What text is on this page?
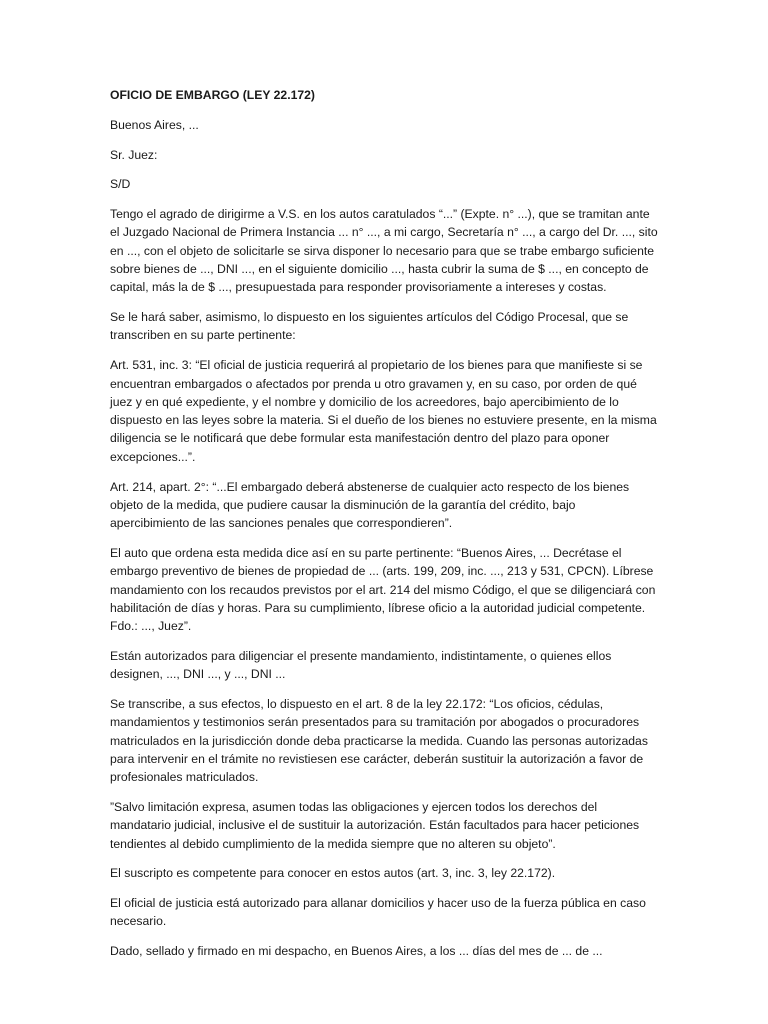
OFICIO DE EMBARGO (LEY 22.172)

Buenos Aires, ...

Sr. Juez:

S/D

Tengo el agrado de dirigirme a V.S. en los autos caratulados “...” (Expte. n° ...), que se tramitan ante el Juzgado Nacional de Primera Instancia ... n° ..., a mi cargo, Secretaría n° ..., a cargo del Dr. ..., sito en ..., con el objeto de solicitarle se sirva disponer lo necesario para que se trabe embargo suficiente sobre bienes de ..., DNI ..., en el siguiente domicilio ..., hasta cubrir la suma de $ ..., en concepto de capital, más la de $ ..., presupuestada para responder provisoriamente a intereses y costas.

Se le hará saber, asimismo, lo dispuesto en los siguientes artículos del Código Procesal, que se transcriben en su parte pertinente:

Art. 531, inc. 3: “El oficial de justicia requerirá al propietario de los bienes para que manifieste si se encuentran embargados o afectados por prenda u otro gravamen y, en su caso, por orden de qué juez y en qué expediente, y el nombre y domicilio de los acreedores, bajo apercibimiento de lo dispuesto en las leyes sobre la materia. Si el dueño de los bienes no estuviere presente, en la misma diligencia se le notificará que debe formular esta manifestación dentro del plazo para oponer excepciones...”.

Art. 214, apart. 2°: “...El embargado deberá abstenerse de cualquier acto respecto de los bienes objeto de la medida, que pudiere causar la disminución de la garantía del crédito, bajo apercibimiento de las sanciones penales que correspondieren”.

El auto que ordena esta medida dice así en su parte pertinente: “Buenos Aires, ... Decrétase el embargo preventivo de bienes de propiedad de ... (arts. 199, 209, inc. ..., 213 y 531, CPCN). Líbrese mandamiento con los recaudos previstos por el art. 214 del mismo Código, el que se diligenciará con habilitación de días y horas. Para su cumplimiento, líbrese oficio a la autoridad judicial competente. Fdo.: ..., Juez”.

Están autorizados para diligenciar el presente mandamiento, indistintamente, o quienes ellos designen, ..., DNI ..., y ..., DNI ...

Se transcribe, a sus efectos, lo dispuesto en el art. 8 de la ley 22.172: “Los oficios, cédulas, mandamientos y testimonios serán presentados para su tramitación por abogados o procuradores matriculados en la jurisdicción donde deba practicarse la medida. Cuando las personas autorizadas para intervenir en el trámite no revistiesen ese carácter, deberán sustituir la autorización a favor de profesionales matriculados.

”Salvo limitación expresa, asumen todas las obligaciones y ejercen todos los derechos del mandatario judicial, inclusive el de sustituir la autorización. Están facultados para hacer peticiones tendientes al debido cumplimiento de la medida siempre que no alteren su objeto”.

El suscripto es competente para conocer en estos autos (art. 3, inc. 3, ley 22.172).

El oficial de justicia está autorizado para allanar domicilios y hacer uso de la fuerza pública en caso necesario.

Dado, sellado y firmado en mi despacho, en Buenos Aires, a los ... días del mes de ... de ...
